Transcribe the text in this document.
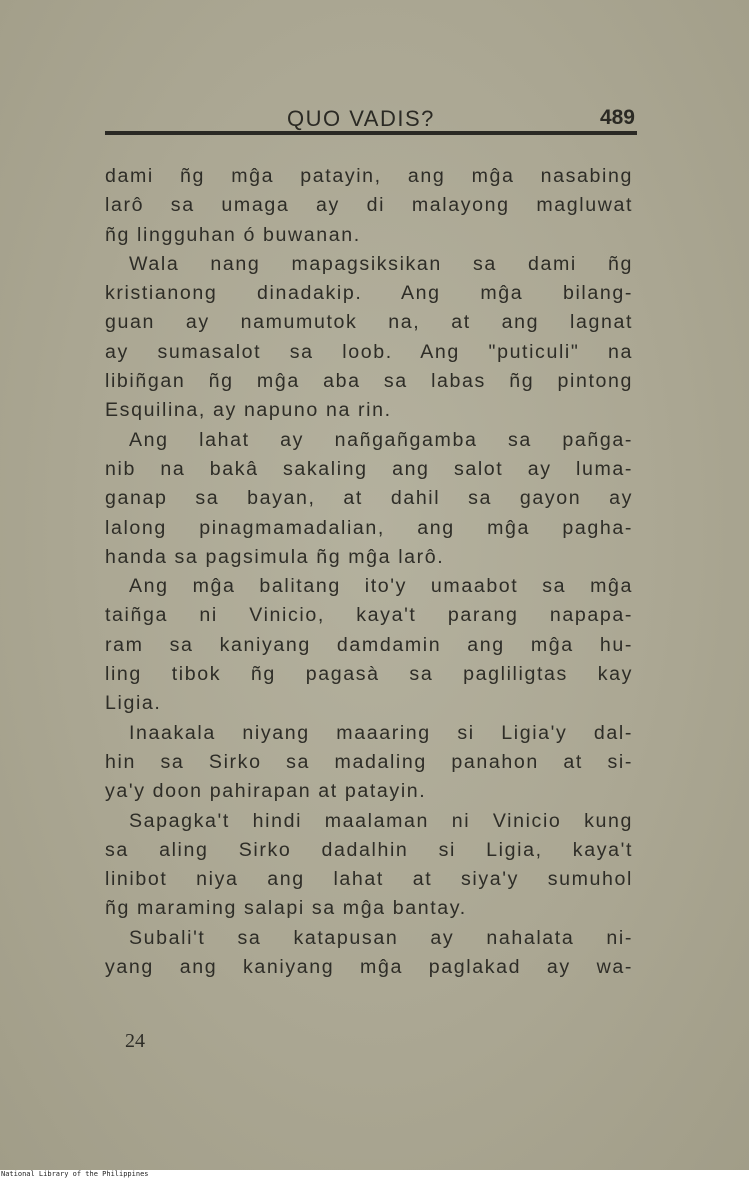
QUO VADIS?	489
dami ñg mĝa patayin, ang mĝa nasabing
larô sa umaga ay di malayong magluwat
ñg lingguhan ó buwanan.
Wala nang mapagsiksikan sa dami ñg
kristianong dinadakip. Ang mĝa bilang-
guan ay namumutok na, at ang lagnat
ay sumasalot sa loob. Ang "puticuli" na
libiñgan ñg mĝa aba sa labas ñg pintong
Esquilina, ay napuno na rin.
Ang lahat ay nañgañgamba sa pañga-
nib na bakâ sakaling ang salot ay luma-
ganap sa bayan, at dahil sa gayon ay
lalong pinagmamadalian, ang mĝa pagha-
handa sa pagsimula ñg mĝa larô.
Ang mĝa balitang ito'y umaabot sa mĝa
taiñga ni Vinicio, kaya't parang napapa-
ram sa kaniyang damdamin ang mĝa hu-
ling tibok ñg pagasà sa pagliligtas kay
Ligia.
Inaakala niyang maaaring si Ligia'y dal-
hin sa Sirko sa madaling panahon at si-
ya'y doon pahirapan at patayin.
Sapagka't hindi maalaman ni Vinicio kung
sa aling Sirko dadalhin si Ligia, kaya't
linibot niya ang lahat at siya'y sumuhol
ñg maraming salapi sa mĝa bantay.
Subali't sa katapusan ay nahalata ni-
yang ang kaniyang mĝa paglakad ay wa-
24
National Library of the Philippines
